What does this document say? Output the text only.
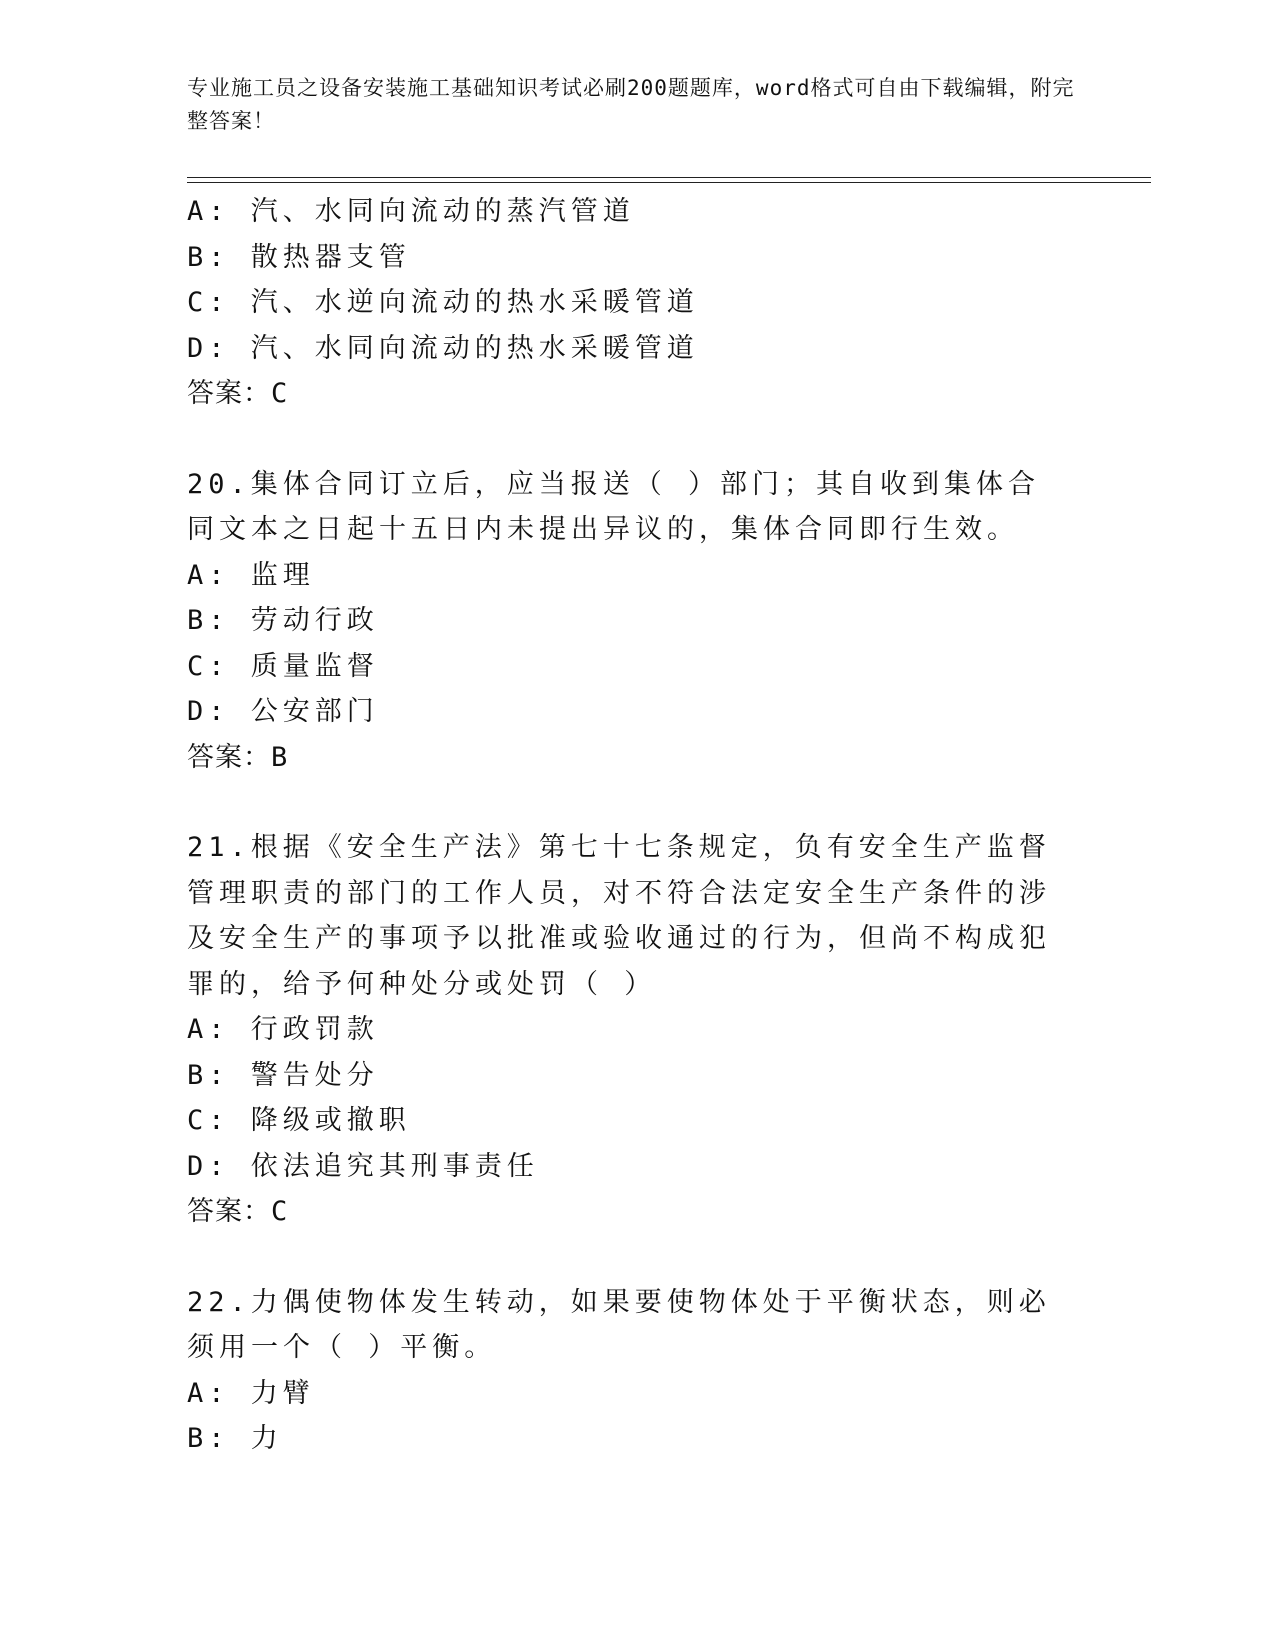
专业施工员之设备安装施工基础知识考试必刷200题题库，word格式可自由下载编辑，附完整答案！
A: 汽、水同向流动的蒸汽管道
B: 散热器支管
C: 汽、水逆向流动的热水采暖管道
D: 汽、水同向流动的热水采暖管道
答案：C
20.集体合同订立后，应当报送（ ）部门；其自收到集体合同文本之日起十五日内未提出异议的，集体合同即行生效。
A: 监理
B: 劳动行政
C: 质量监督
D: 公安部门
答案：B
21.根据《安全生产法》第七十七条规定，负有安全生产监督管理职责的部门的工作人员，对不符合法定安全生产条件的涉及安全生产的事项予以批准或验收通过的行为，但尚不构成犯罪的，给予何种处分或处罚（ ）
A: 行政罚款
B: 警告处分
C: 降级或撤职
D: 依法追究其刑事责任
答案：C
22.力偶使物体发生转动，如果要使物体处于平衡状态，则必须用一个（ ）平衡。
A: 力臂
B: 力
